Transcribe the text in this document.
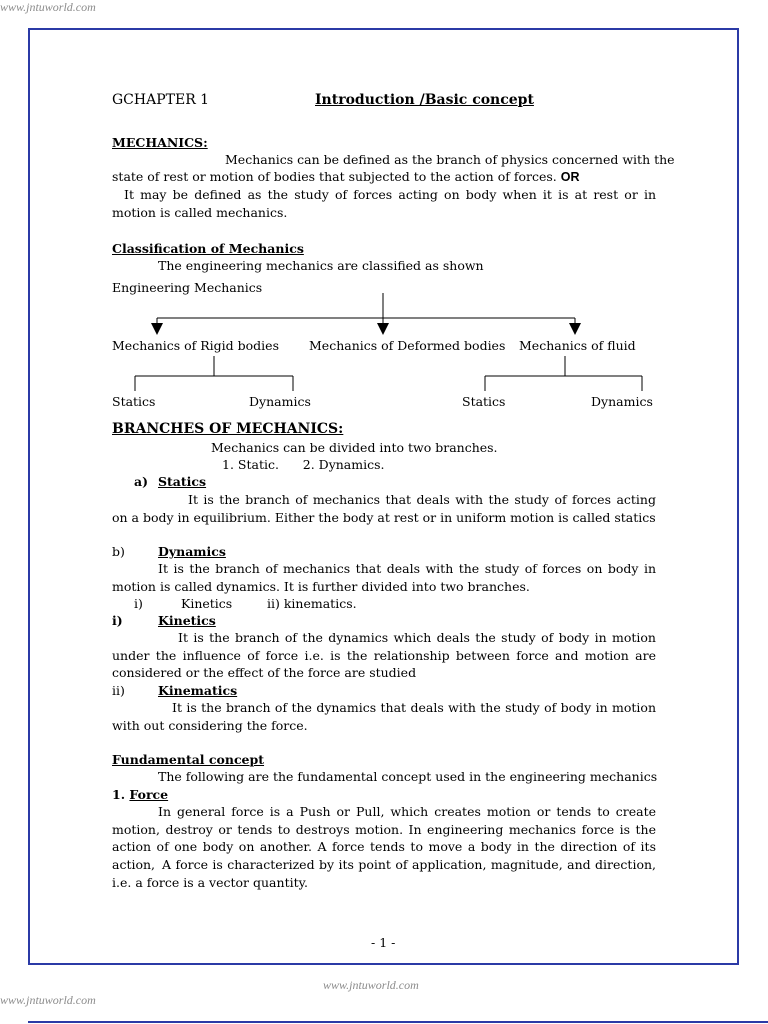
www.jntuworld.com
GCHAPTER 1	Introduction /Basic concept
MECHANICS:
Mechanics can be defined as the branch of physics concerned with the
state of rest or motion of bodies that subjected to the action of forces. OR
It may be defined as the study of forces acting on body when it is at rest or in motion is called mechanics.
Classification of Mechanics
The engineering mechanics are classified as shown
Engineering Mechanics
Mechanics of Rigid bodies Mechanics of Deformed bodies Mechanics of fluid
Statics	Dynamics	Statics	Dynamics
BRANCHES OF MECHANICS:
Mechanics can be divided into two branches.
1. Static.      2. Dynamics.
a) Statics
It is the branch of mechanics that deals with the study of forces acting on a body in equilibrium. Either the body at rest or in uniform motion is called statics
b)	Dynamics
It is the branch of mechanics that deals with the study of forces on body in motion is called dynamics. It is further divided into two branches.
i)	Kinetics	ii) kinematics.
i)	Kinetics
It is the branch of the dynamics which deals the study of body in motion under the influence of force i.e. is the relationship between force and motion are considered or the effect of the force are studied
ii)	Kinematics
It is the branch of the dynamics that deals with the study of body in motion with out considering the force.
Fundamental concept
The following are the fundamental concept used in the engineering mechanics
1. Force
In general force is a Push or Pull, which creates motion or tends to create motion, destroy or tends to destroys motion. In engineering mechanics force is the action of one body on another. A force tends to move a body in the direction of its action, A force is characterized by its point of application, magnitude, and direction, i.e. a force is a vector quantity.
- 1 -
www.jntuworld.com
www.jntuworld.com
